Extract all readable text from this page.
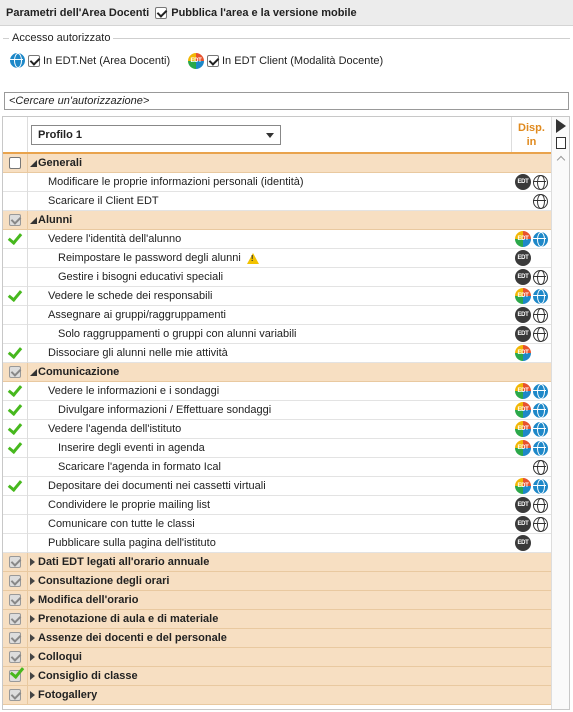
Parametri dell'Area Docenti Pubblica l'area e la versione mobile
Accesso autorizzato
In EDT.Net (Area Docenti)	EDT In EDT Client (Modalità Docente)
<Cercare un'autorizzazione>
Profilo 1
Disp.
in
Generali
Modificare le proprie informazioni personali (identità)	EDT
Scaricare il Client EDT
Alunni
Vedere l'identità dell'alunno	EDT
Reimpostare le password degli alunni!	EDT
Gestire i bisogni educativi speciali	EDT
Vedere le schede dei responsabili	EDT
Assegnare ai gruppi/raggruppamenti	EDT
Solo raggruppamenti o gruppi con alunni variabili	EDT
Dissociare gli alunni nelle mie attività	EDT
Comunicazione
Vedere le informazioni e i sondaggi	EDT
Divulgare informazioni / Effettuare sondaggi	EDT
Vedere l'agenda dell'istituto	EDT
Inserire degli eventi in agenda	EDT
Scaricare l'agenda in formato Ical
Depositare dei documenti nei cassetti virtuali	EDT
Condividere le proprie mailing list	EDT
Comunicare con tutte le classi	EDT
Pubblicare sulla pagina dell'istituto	EDT
Dati EDT legati all'orario annuale
Consultazione degli orari
Modifica dell'orario
Prenotazione di aula e di materiale
Assenze dei docenti e del personale
Colloqui
Consiglio di classe
Fotogallery
